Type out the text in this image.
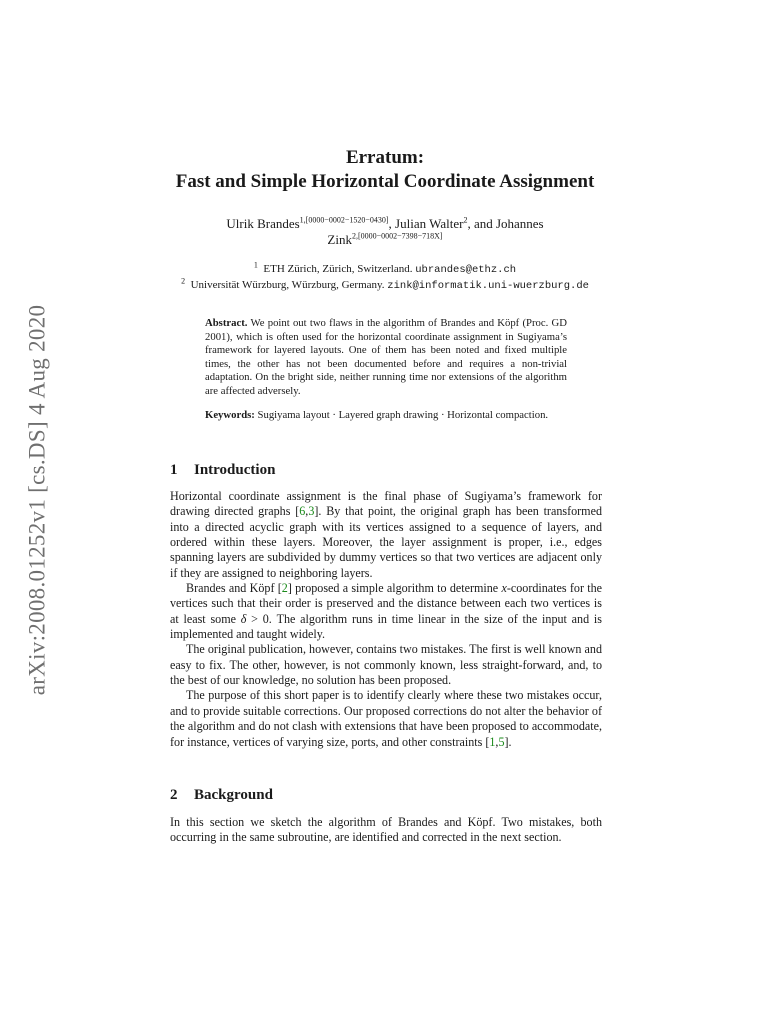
arXiv:2008.01252v1 [cs.DS] 4 Aug 2020

Erratum:

Fast and Simple Horizontal Coordinate Assignment

Ulrik Brandes$^{1,[0000-0002-1520-0430]}$, Julian Walter$^2$, and Johannes
Zink$^{2,[0000-0002-7398-718X]}$
$^1$ ETH Zürich, Zürich, Switzerland. ubrandes@ethz.ch
$^2$ Universität Würzburg, Würzburg, Germany. zink@informatik.uni-wuerzburg.de

Abstract. We point out two flaws in the algorithm of Brandes and Köpf (Proc. GD 2001), which is often used for the horizontal coordinate assignment in Sugiyama’s framework for layered layouts. One of them has been noted and fixed multiple times, the other has not been documented before and requires a non-trivial adaptation. On the bright side, neither running time nor extensions of the algorithm are affected adversely.

Keywords: Sugiyama layout · Layered graph drawing · Horizontal compaction.

1 Introduction

Horizontal coordinate assignment is the final phase of Sugiyama’s framework for drawing directed graphs [6,3]. By that point, the original graph has been transformed into a directed acyclic graph with its vertices assigned to a sequence of layers, and ordered within these layers. Moreover, the layer assignment is proper, i.e., edges spanning layers are subdivided by dummy vertices so that two vertices are adjacent only if they are assigned to neighboring layers.

Brandes and Köpf [2] proposed a simple algorithm to determine x-coordinates for the vertices such that their order is preserved and the distance between each two vertices is at least some δ > 0. The algorithm runs in time linear in the size of the input and is implemented and taught widely.

The original publication, however, contains two mistakes. The first is well known and easy to fix. The other, however, is not commonly known, less straight-forward, and, to the best of our knowledge, no solution has been proposed.

The purpose of this short paper is to identify clearly where these two mistakes occur, and to provide suitable corrections. Our proposed corrections do not alter the behavior of the algorithm and do not clash with extensions that have been proposed to accommodate, for instance, vertices of varying size, ports, and other constraints [1,5].

2 Background

In this section we sketch the algorithm of Brandes and Köpf. Two mistakes, both occurring in the same subroutine, are identified and corrected in the next section.
